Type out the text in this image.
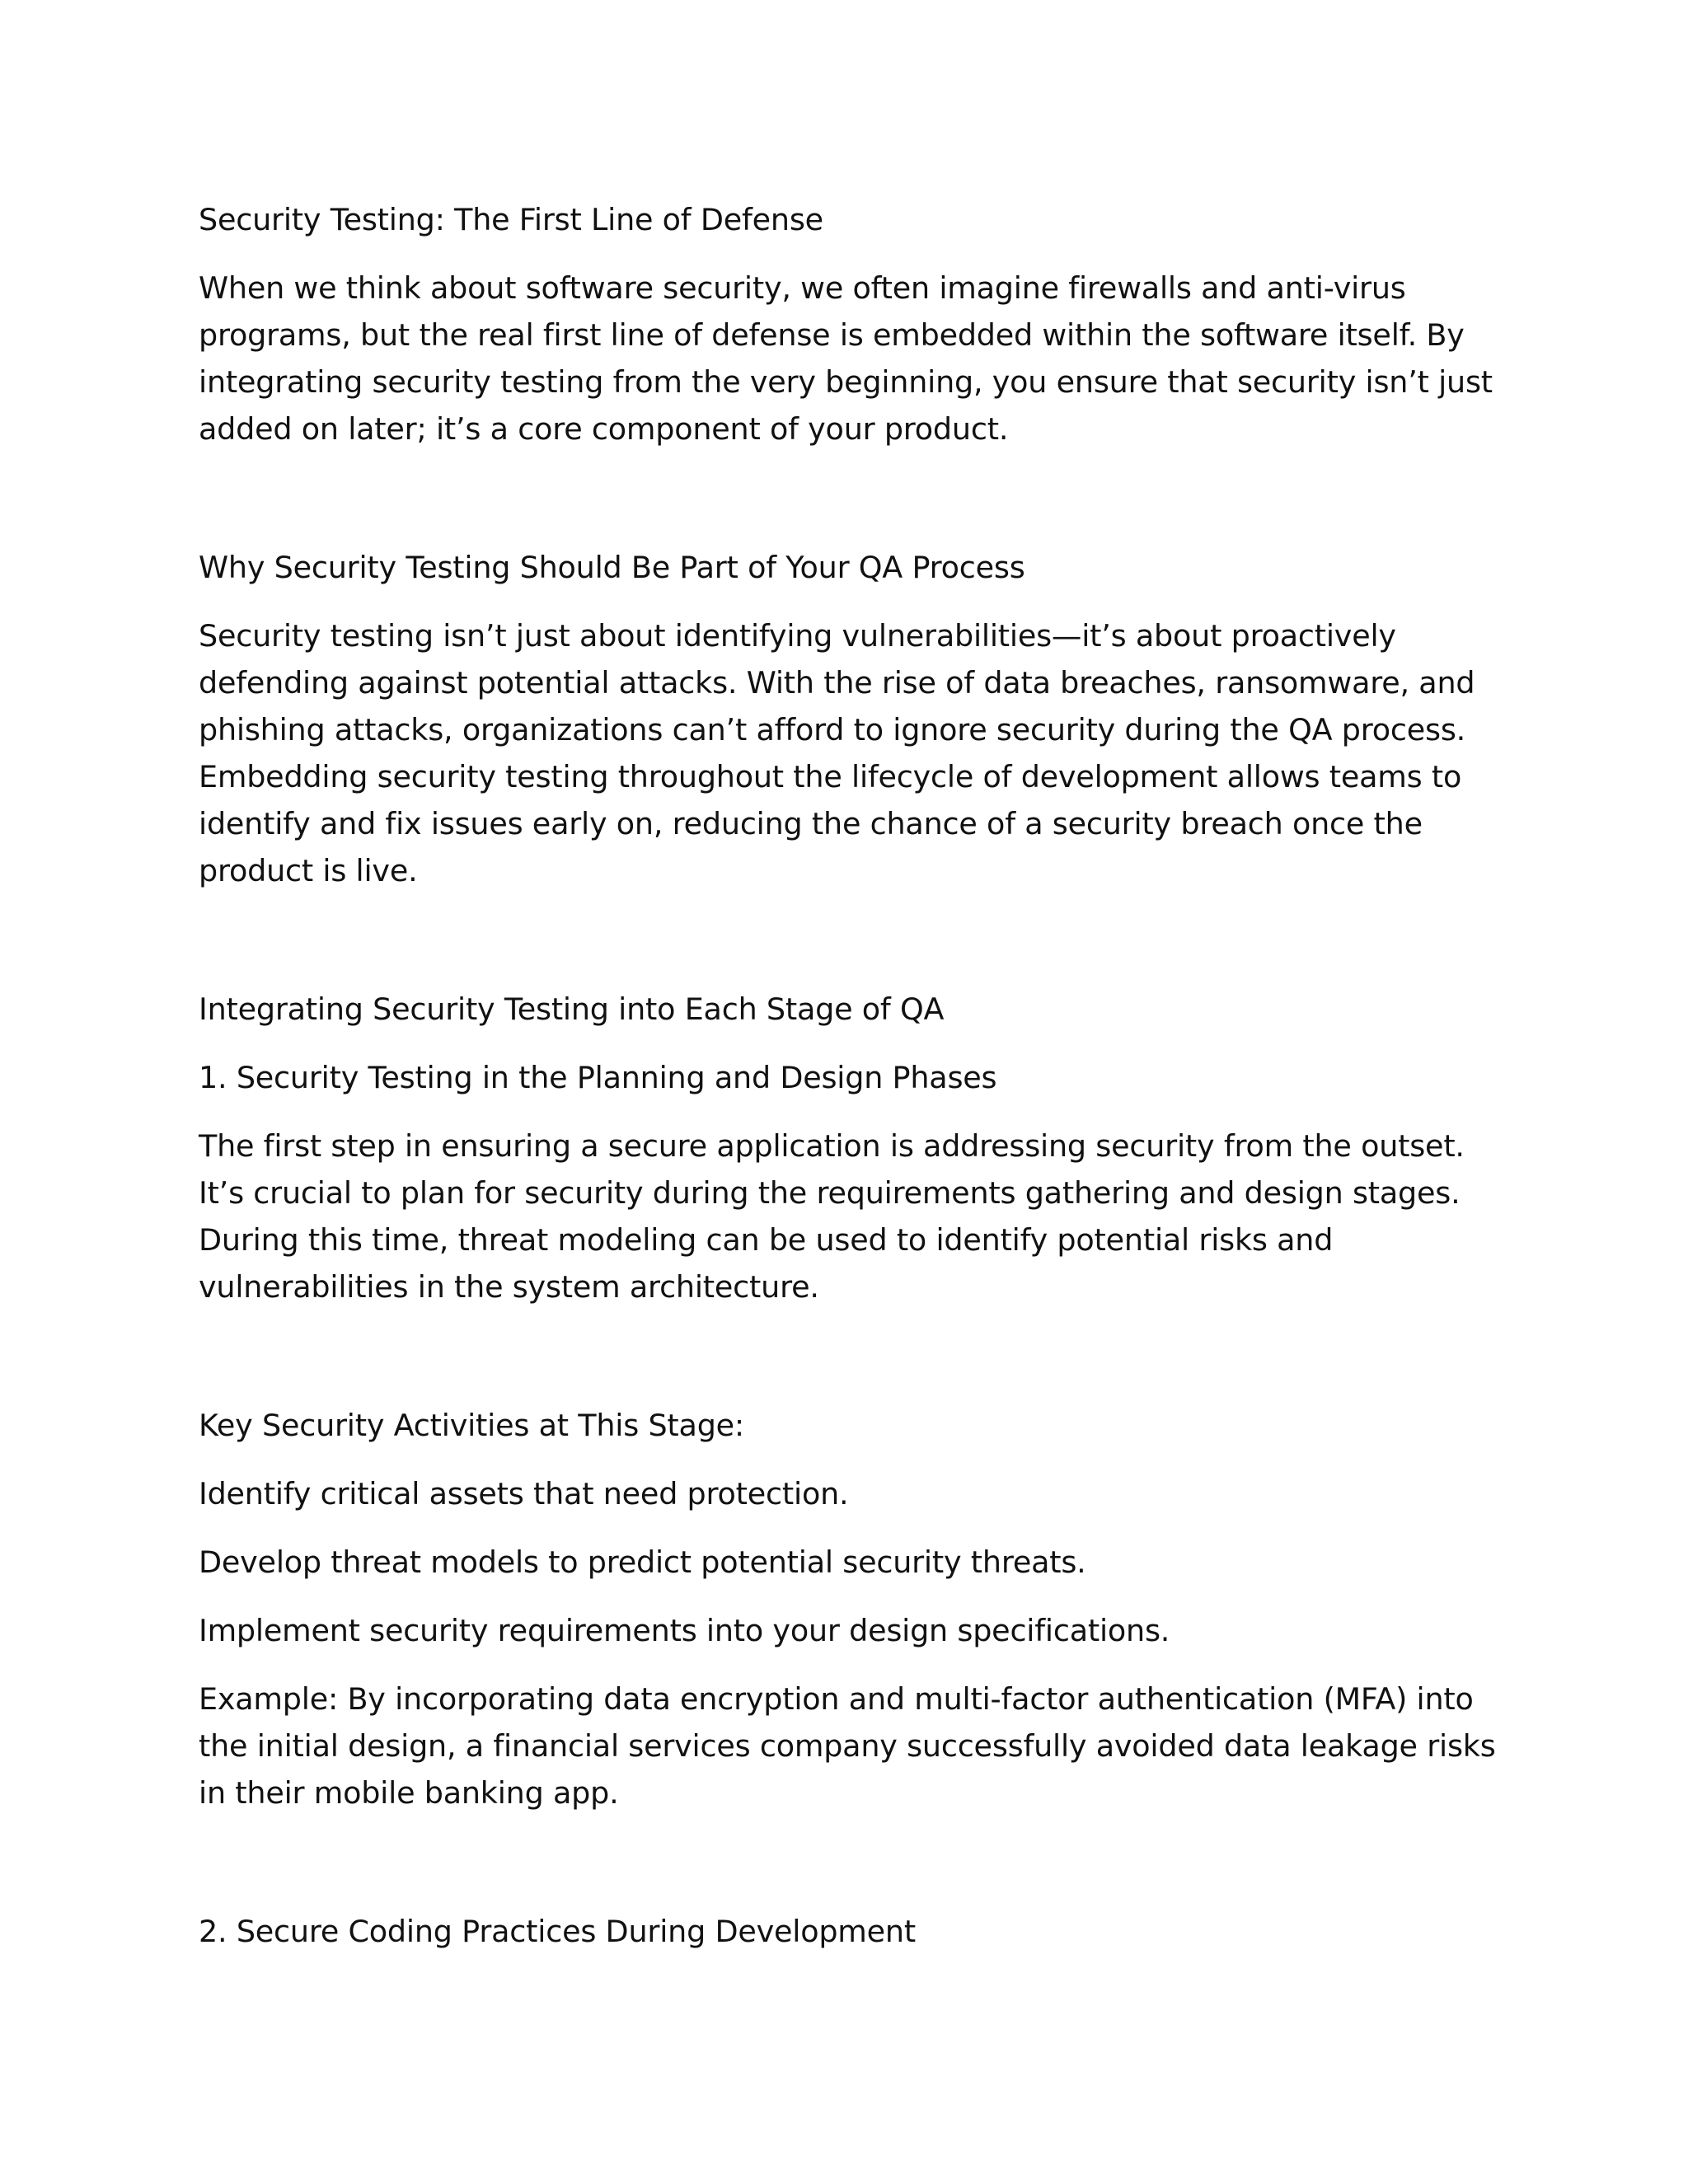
Security Testing: The First Line of Defense

When we think about software security, we often imagine firewalls and anti-virus programs, but the real first line of defense is embedded within the software itself. By integrating security testing from the very beginning, you ensure that security isn’t just added on later; it’s a core component of your product.

Why Security Testing Should Be Part of Your QA Process

Security testing isn’t just about identifying vulnerabilities—it’s about proactively defending against potential attacks. With the rise of data breaches, ransomware, and phishing attacks, organizations can’t afford to ignore security during the QA process. Embedding security testing throughout the lifecycle of development allows teams to identify and fix issues early on, reducing the chance of a security breach once the product is live.

Integrating Security Testing into Each Stage of QA

1. Security Testing in the Planning and Design Phases

The first step in ensuring a secure application is addressing security from the outset. It’s crucial to plan for security during the requirements gathering and design stages. During this time, threat modeling can be used to identify potential risks and vulnerabilities in the system architecture.

Key Security Activities at This Stage:

Identify critical assets that need protection.

Develop threat models to predict potential security threats.

Implement security requirements into your design specifications.

Example: By incorporating data encryption and multi-factor authentication (MFA) into the initial design, a financial services company successfully avoided data leakage risks in their mobile banking app.

2. Secure Coding Practices During Development
